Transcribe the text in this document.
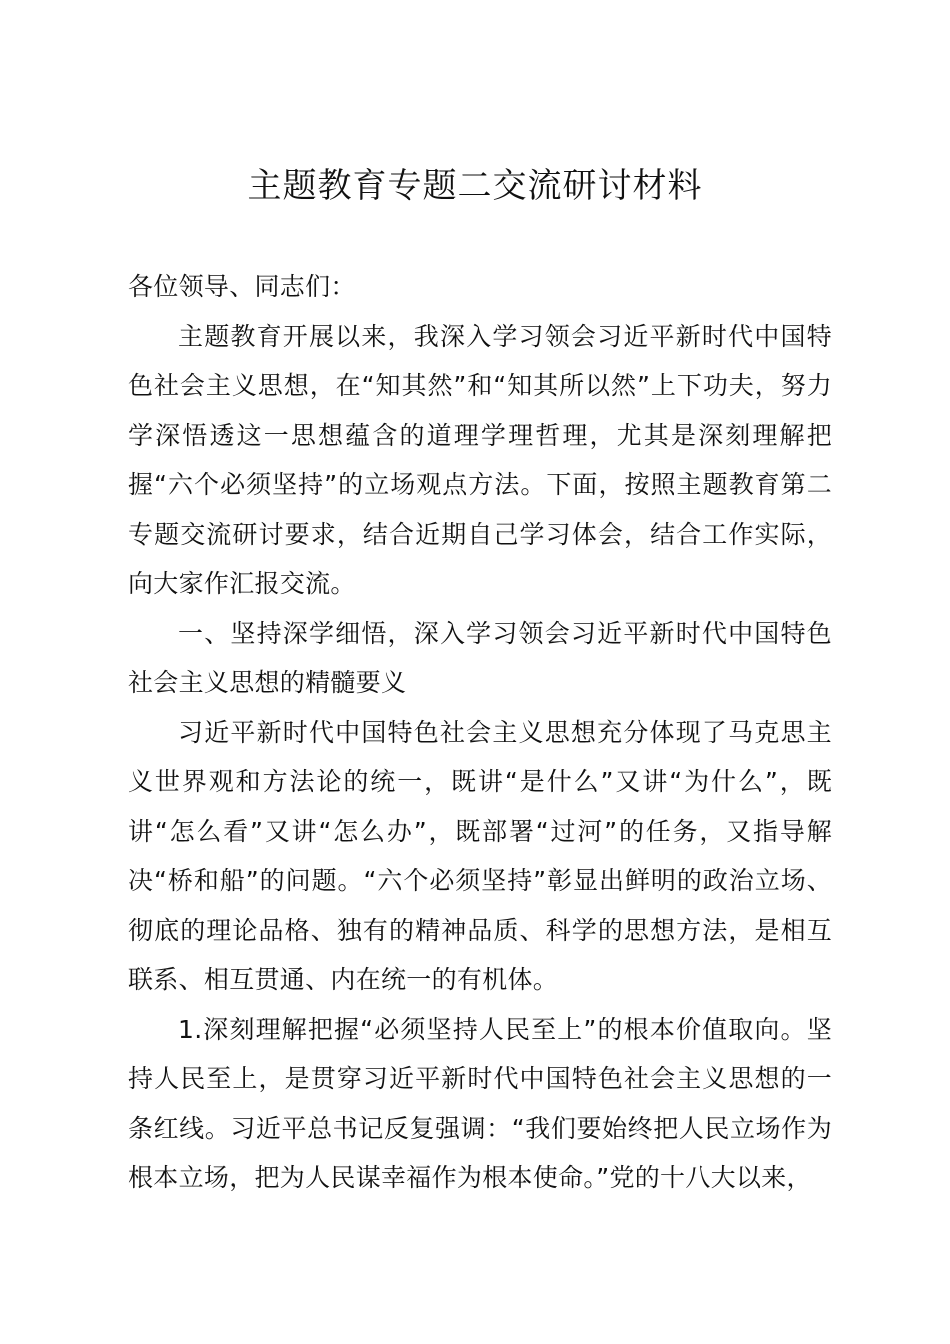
主题教育专题二交流研讨材料

各位领导、同志们：

主题教育开展以来，我深入学习领会习近平新时代中国特色社会主义思想，在“知其然”和“知其所以然”上下功夫，努力学深悟透这一思想蕴含的道理学理哲理，尤其是深刻理解把握“六个必须坚持”的立场观点方法。下面，按照主题教育第二专题交流研讨要求，结合近期自己学习体会，结合工作实际，向大家作汇报交流。

一、坚持深学细悟，深入学习领会习近平新时代中国特色社会主义思想的精髓要义

习近平新时代中国特色社会主义思想充分体现了马克思主义世界观和方法论的统一，既讲“是什么”又讲“为什么”，既讲“怎么看”又讲“怎么办”，既部署“过河”的任务，又指导解决“桥和船”的问题。“六个必须坚持”彰显出鲜明的政治立场、彻底的理论品格、独有的精神品质、科学的思想方法，是相互联系、相互贯通、内在统一的有机体。

1.深刻理解把握“必须坚持人民至上”的根本价值取向。坚持人民至上，是贯穿习近平新时代中国特色社会主义思想的一条红线。习近平总书记反复强调：“我们要始终把人民立场作为根本立场，把为人民谋幸福作为根本使命。”党的十八大以来，
